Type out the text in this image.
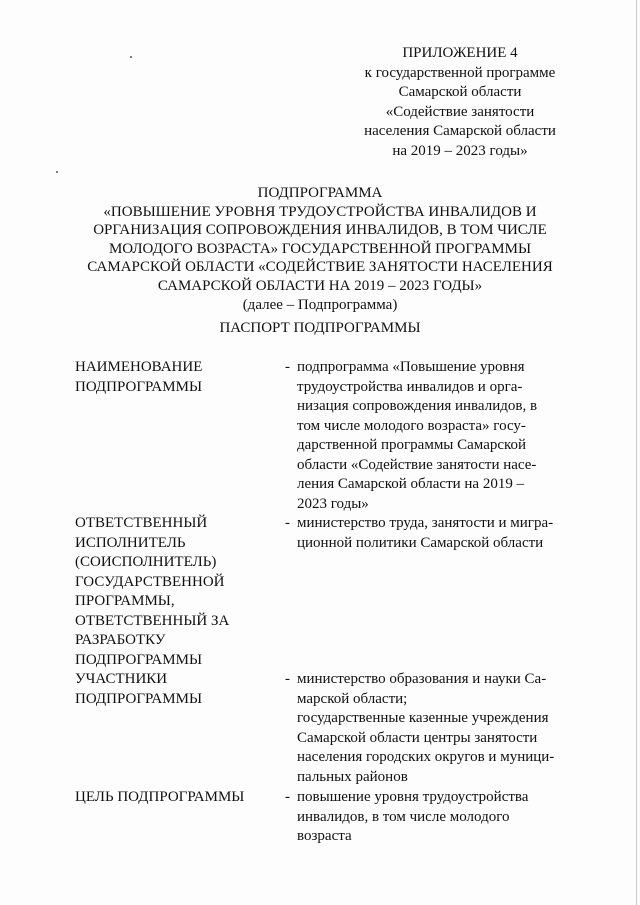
ПРИЛОЖЕНИЕ 4
к государственной программе
Самарской области
«Содействие занятости
населения Самарской области
на 2019 – 2023 годы»
ПОДПРОГРАММА
«ПОВЫШЕНИЕ УРОВНЯ ТРУДОУСТРОЙСТВА ИНВАЛИДОВ И
ОРГАНИЗАЦИЯ СОПРОВОЖДЕНИЯ ИНВАЛИДОВ, В ТОМ ЧИСЛЕ
МОЛОДОГО ВОЗРАСТА» ГОСУДАРСТВЕННОЙ ПРОГРАММЫ
САМАРСКОЙ ОБЛАСТИ «СОДЕЙСТВИЕ ЗАНЯТОСТИ НАСЕЛЕНИЯ
САМАРСКОЙ ОБЛАСТИ НА 2019 – 2023 ГОДЫ»
(далее – Подпрограмма)
ПАСПОРТ ПОДПРОГРАММЫ
НАИМЕНОВАНИЕ
ПОДПРОГРАММЫ
- подпрограмма «Повышение уровня
трудоустройства инвалидов и орга-
низация сопровождения инвалидов, в
том числе молодого возраста» госу-
дарственной программы Самарской
области «Содействие занятости насе-
ления Самарской области на 2019 –
2023 годы»
ОТВЕТСТВЕННЫЙ
ИСПОЛНИТЕЛЬ
(СОИСПОЛНИТЕЛЬ)
ГОСУДАРСТВЕННОЙ
ПРОГРАММЫ,
ОТВЕТСТВЕННЫЙ ЗА
РАЗРАБОТКУ
ПОДПРОГРАММЫ
- министерство труда, занятости и мигра-
ционной политики Самарской области
УЧАСТНИКИ
ПОДПРОГРАММЫ
- министерство образования и науки Са-
марской области;
государственные казенные учреждения
Самарской области центры занятости
населения городских округов и муници-
пальных районов
ЦЕЛЬ ПОДПРОГРАММЫ	- повышение уровня трудоустройства
инвалидов, в том числе молодого
возраста
